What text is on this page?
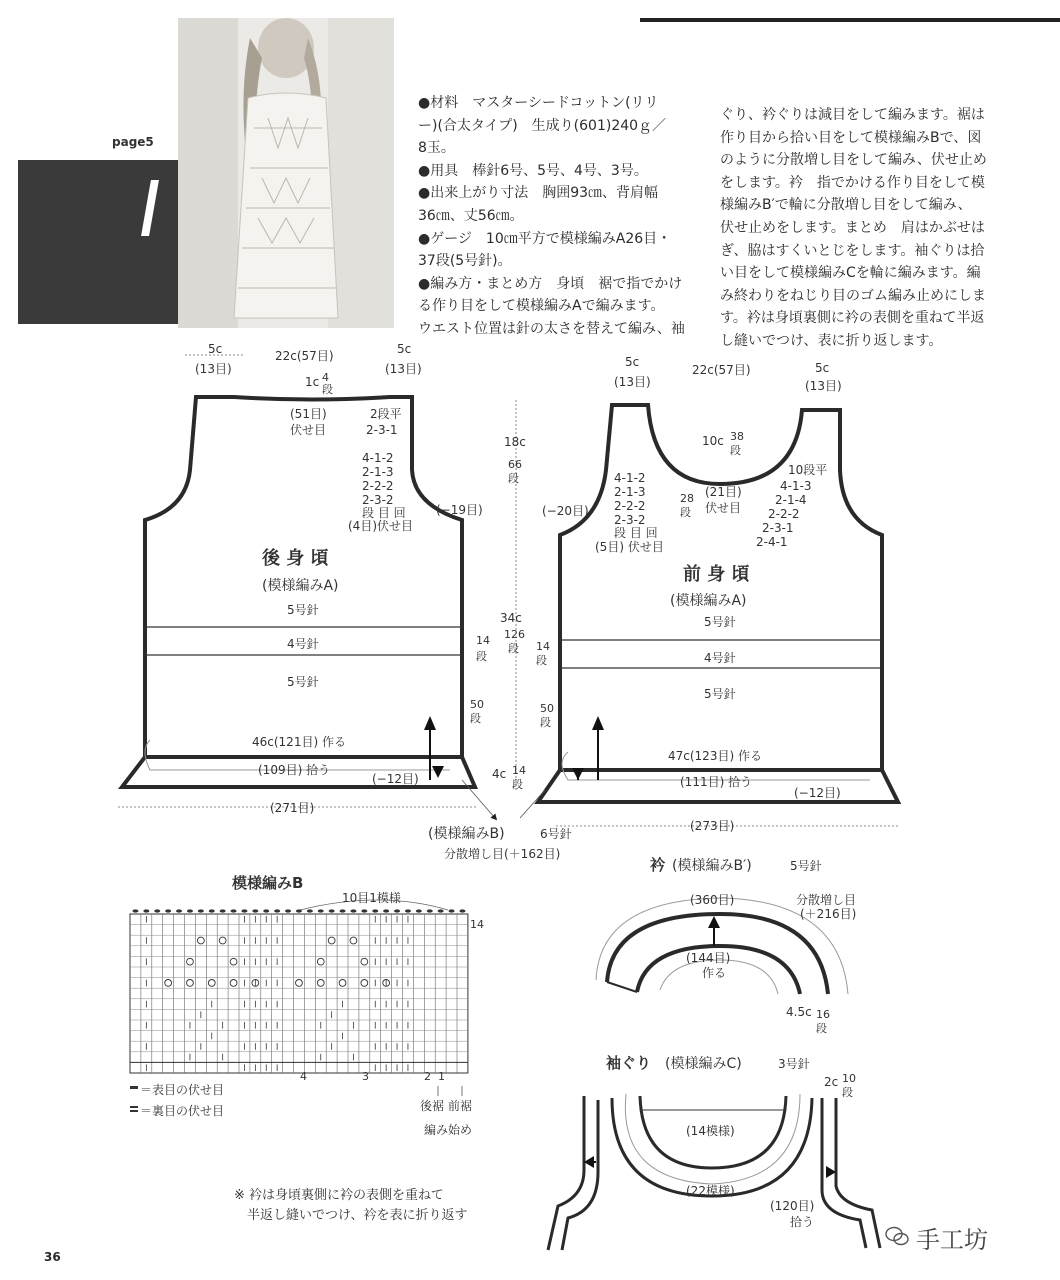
page5
●材料　マスターシードコットン(リリ
ー)(合太タイプ)　生成り(601)240ｇ／
8玉。
●用具　棒針6号、5号、4号、3号。
●出来上がり寸法　胸囲93㎝、背肩幅
36㎝、丈56㎝。
●ゲージ　10㎝平方で模様編みA26目・
37段(5号針)。
●編み方・まとめ方　身頃　裾で指でかけ
る作り目をして模様編みAで編みます。
ウエスト位置は針の太さを替えて編み、袖
ぐり、衿ぐりは減目をして編みます。裾は
作り目から拾い目をして模様編みBで、図
のように分散増し目をして編み、伏せ止め
をします。衿　指でかける作り目をして模
様編みB′で輪に分散増し目をして編み、
伏せ止めをします。まとめ　肩はかぶせは
ぎ、脇はすくいとじをします。袖ぐりは拾
い目をして模様編みCを輪に編みます。編
み終わりをねじり目のゴム編み止めにしま
す。衿は身頃裏側に衿の表側を重ねて半返
し縫いでつけ、表に折り返します。
5c
(13目)
22c(57目)	5c
(13目)
1c 4
段
(51目)
伏せ目
2段平
2-3-1
4-1-2
2-1-3
2-2-2
2-3-2
段 目 回
(4目)伏せ目
(−19目)
後 身 頃
(模様編みA)
5号針
4号針
5号針
14
段
50
段
46c(121目) 作る
(109目) 拾う
(−12目)
(271目)
18c
66
段
34c
126
段
4c 14
段
5c
(13目)
22c(57目)	5c
(13目)
10c 38
段
10段平
4-1-3
2-1-4
2-2-2
2-3-1
2-4-1
4-1-2
2-1-3
2-2-2
2-3-2
段 目 回
28
段
(21目)
伏せ目
(5目) 伏せ目
(−20目)
前 身 頃
(模様編みA)
5号針
4号針
5号針
14
段
50
段
47c(123目) 作る
(111目) 拾う
(−12目)
(273目)
(模様編みB)	6号針
分散増し目(＋162目)
模様編みB
10目1模様
14
4	3	2 1
＝表目の伏せ目
＝裏目の伏せ目	後裾 前裾
編み始め
衿 (模様編みB′)	5号針
(360目)	分散増し目
(＋216目)
(144目)
作る
4.5c 16
段
袖ぐり (模様編みC)	3号針
2c 10
段
(14模様)
(22模様)
(120目)
拾う
※ 衿は身頃裏側に衿の表側を重ねて
　半返し縫いでつけ、衿を表に折り返す
36
手工坊
